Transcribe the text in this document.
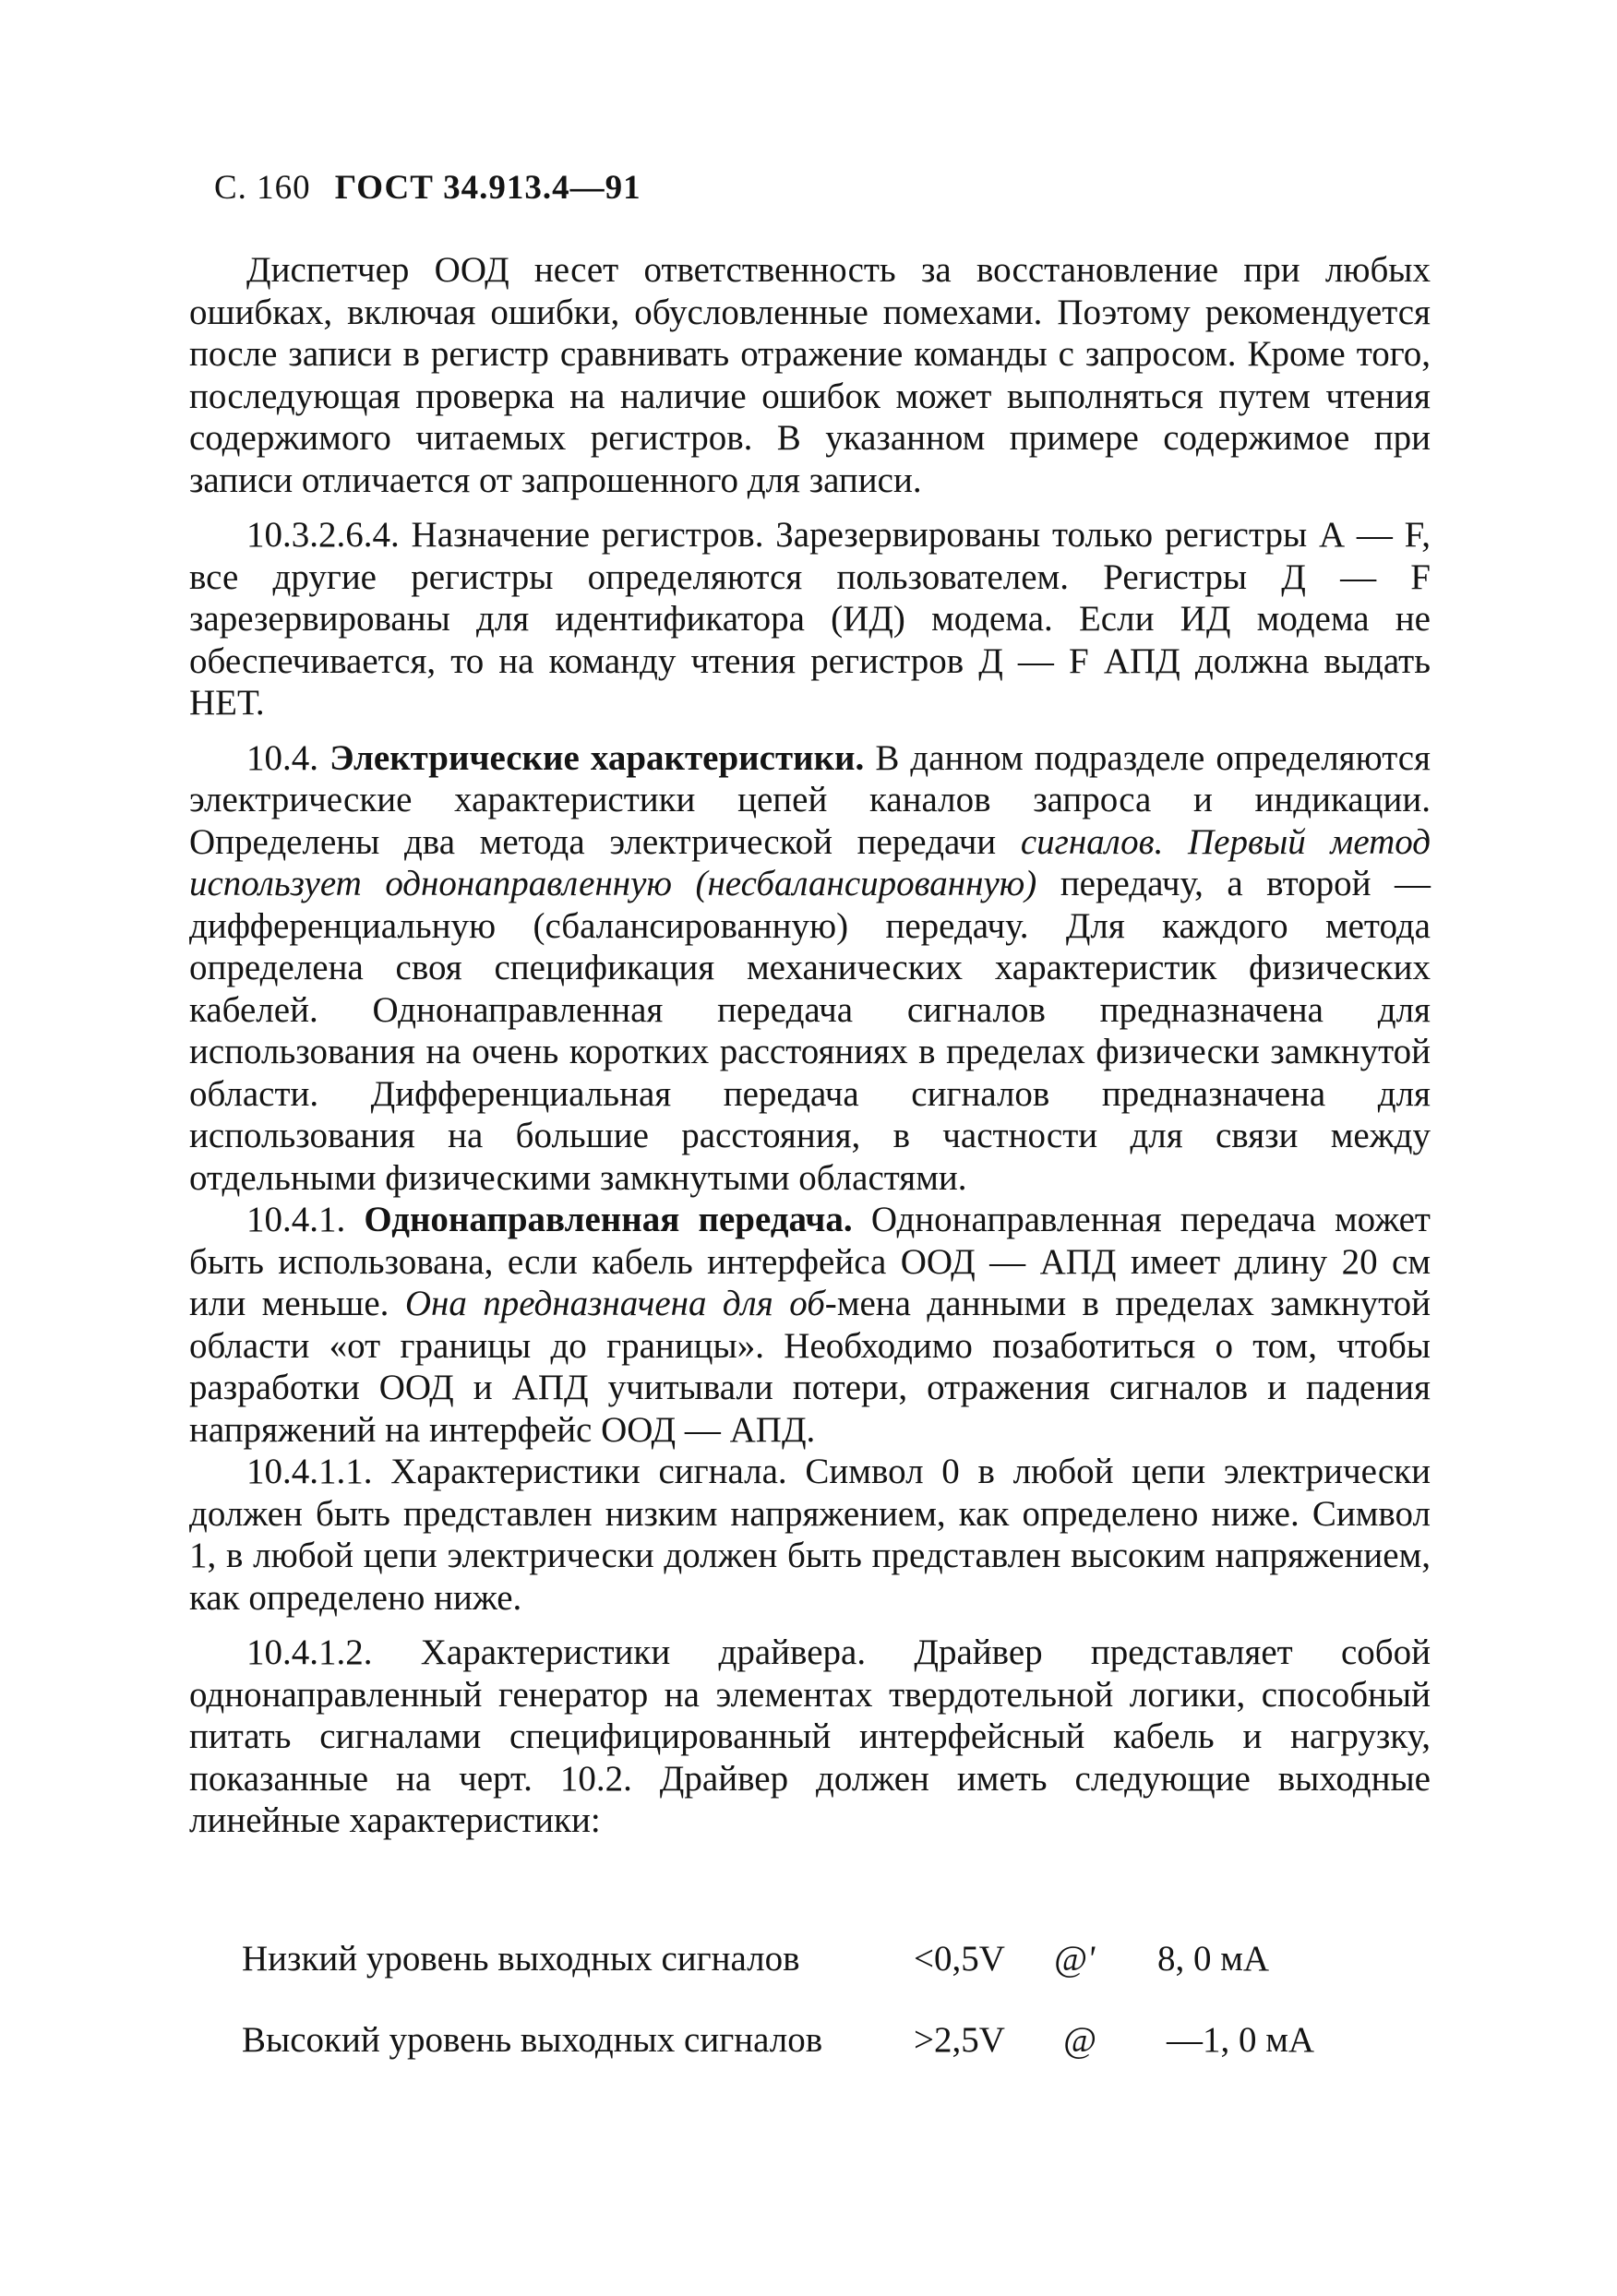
С. 160 ГОСТ 34.913.4—91

Диспетчер ООД несет ответственность за восстановление при любых ошибках, включая ошибки, обусловленные помехами. Поэтому рекомендуется после записи в регистр сравнивать отражение команды с запросом. Кроме того, последующая проверка на наличие ошибок может выполняться путем чтения содержимого читаемых регистров. В указанном примере содержимое при записи отличается от запрошенного для записи.

10.3.2.6.4. Назначение регистров. Зарезервированы только регистры А — F, все другие регистры определяются пользователем. Регистры Д — F зарезервированы для идентификатора (ИД) модема. Если ИД модема не обеспечивается, то на команду чтения регистров Д — F АПД должна выдать НЕТ.

10.4. Электрические характеристики. В данном подразделе определяются электрические характеристики цепей каналов запроса и индикации. Определены два метода электрической передачи сигналов. Первый метод использует однонаправленную (несбалансированную) передачу, а второй — дифференциальную (сбалансированную) передачу. Для каждого метода определена своя спецификация механических характеристик физических кабелей. Однонаправленная передача сигналов предназначена для использования на очень коротких расстояниях в пределах физически замкнутой области. Дифференциальная передача сигналов предназначена для использования на большие расстояния, в частности для связи между отдельными физическими замкнутыми областями.

10.4.1. Однонаправленная передача. Однонаправленная передача может быть использована, если кабель интерфейса ООД — АПД имеет длину 20 см или меньше. Она предназначена для об-мена данными в пределах замкнутой области «от границы до границы». Необходимо позаботиться о том, чтобы разработки ООД и АПД учитывали потери, отражения сигналов и падения напряжений на интерфейс ООД — АПД.

10.4.1.1. Характеристики сигнала. Символ 0 в любой цепи электрически должен быть представлен низким напряжением, как определено ниже. Символ 1, в любой цепи электрически должен быть представлен высоким напряжением, как определено ниже.

10.4.1.2. Характеристики драйвера. Драйвер представляет собой однонаправленный генератор на элементах твердотельной логики, способный питать сигналами специфицированный интерфейсный кабель и нагрузку, показанные на черт. 10.2. Драйвер должен иметь следующие выходные линейные характеристики:

Низкий уровень выходных сигналов	<0,5V @' 8, 0 мА
Высокий уровень выходных сигналов	>2,5V @ —1, 0 мА
